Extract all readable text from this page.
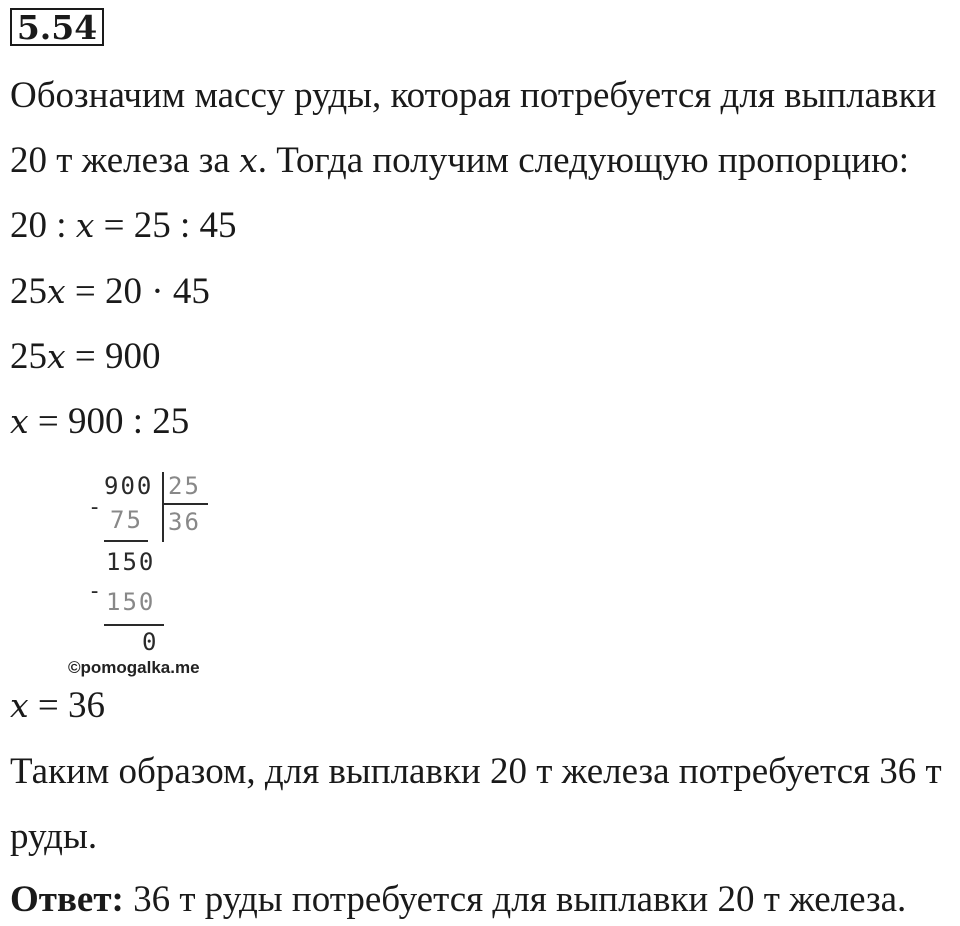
5.54
Обозначим массу руды, которая потребуется для выплавки
20 т железа за x. Тогда получим следующую пропорцию:
20 : x = 25 : 45
25x = 20 · 45
25x = 900
x = 900 : 25
900 25
36
- 75
150
- 150
0
©pomogalka.me
x = 36
Таким образом, для выплавки 20 т железа потребуется 36 т
руды.
Ответ: 36 т руды потребуется для выплавки 20 т железа.
